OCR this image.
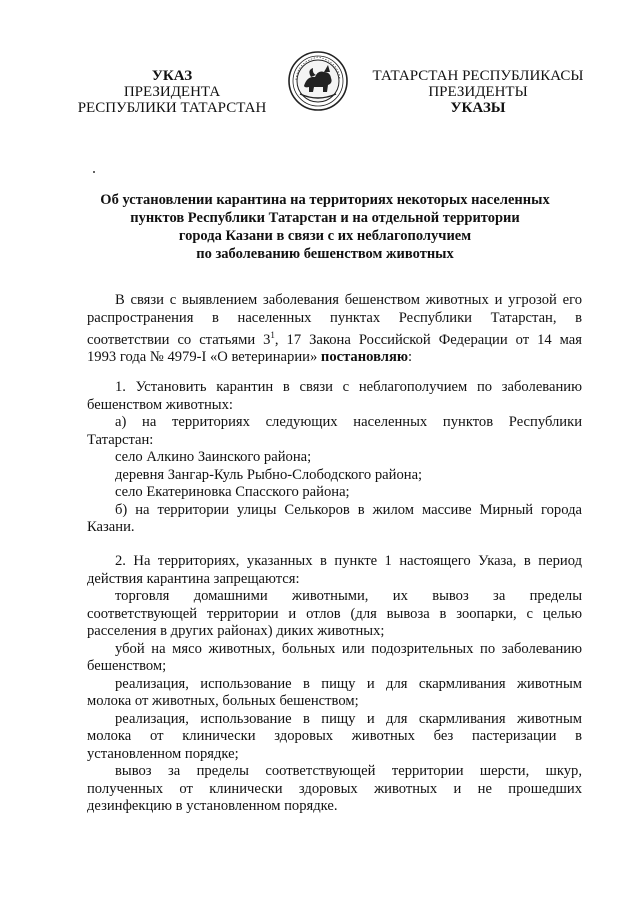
УКАЗ
ПРЕЗИДЕНТА
РЕСПУБЛИКИ ТАТАРСТАН
ТАТАРСТАН РЕСПУБЛИКАСЫ
ПРЕЗИДЕНТЫ
УКАЗЫ
Об установлении карантина на территориях некоторых населенных
пунктов Республики Татарстан и на отдельной территории
города Казани в связи с их неблагополучием
по заболеванию бешенством животных

В связи с выявлением заболевания бешенством животных и угрозой его

распространения в населенных пунктах Республики Татарстан, в

соответствии со статьями $3^1$, 17 Закона Российской Федерации от 14 мая

1993 года № 4979-I «О ветеринарии» постановляю:

1. Установить карантин в связи с неблагополучием по заболеванию

бешенством животных:

а) на территориях следующих населенных пунктов Республики

Татарстан:

село Алкино Заинского района;

деревня Зангар-Куль Рыбно-Слободского района;

село Екатериновка Спасского района;

б) на территории улицы Селькоров в жилом массиве Мирный города

Казани.

2. На территориях, указанных в пункте 1 настоящего Указа, в период

действия карантина запрещаются:

торговля домашними животными, их вывоз за пределы

соответствующей территории и отлов (для вывоза в зоопарки, с целью

расселения в других районах) диких животных;

убой на мясо животных, больных или подозрительных по заболеванию

бешенством;

реализация, использование в пищу и для скармливания животным

молока от животных, больных бешенством;

реализация, использование в пищу и для скармливания животным

молока от клинически здоровых животных без пастеризации в

установленном порядке;

вывоз за пределы соответствующей территории шерсти, шкур,

полученных от клинически здоровых животных и не прошедших

дезинфекцию в установленном порядке.
